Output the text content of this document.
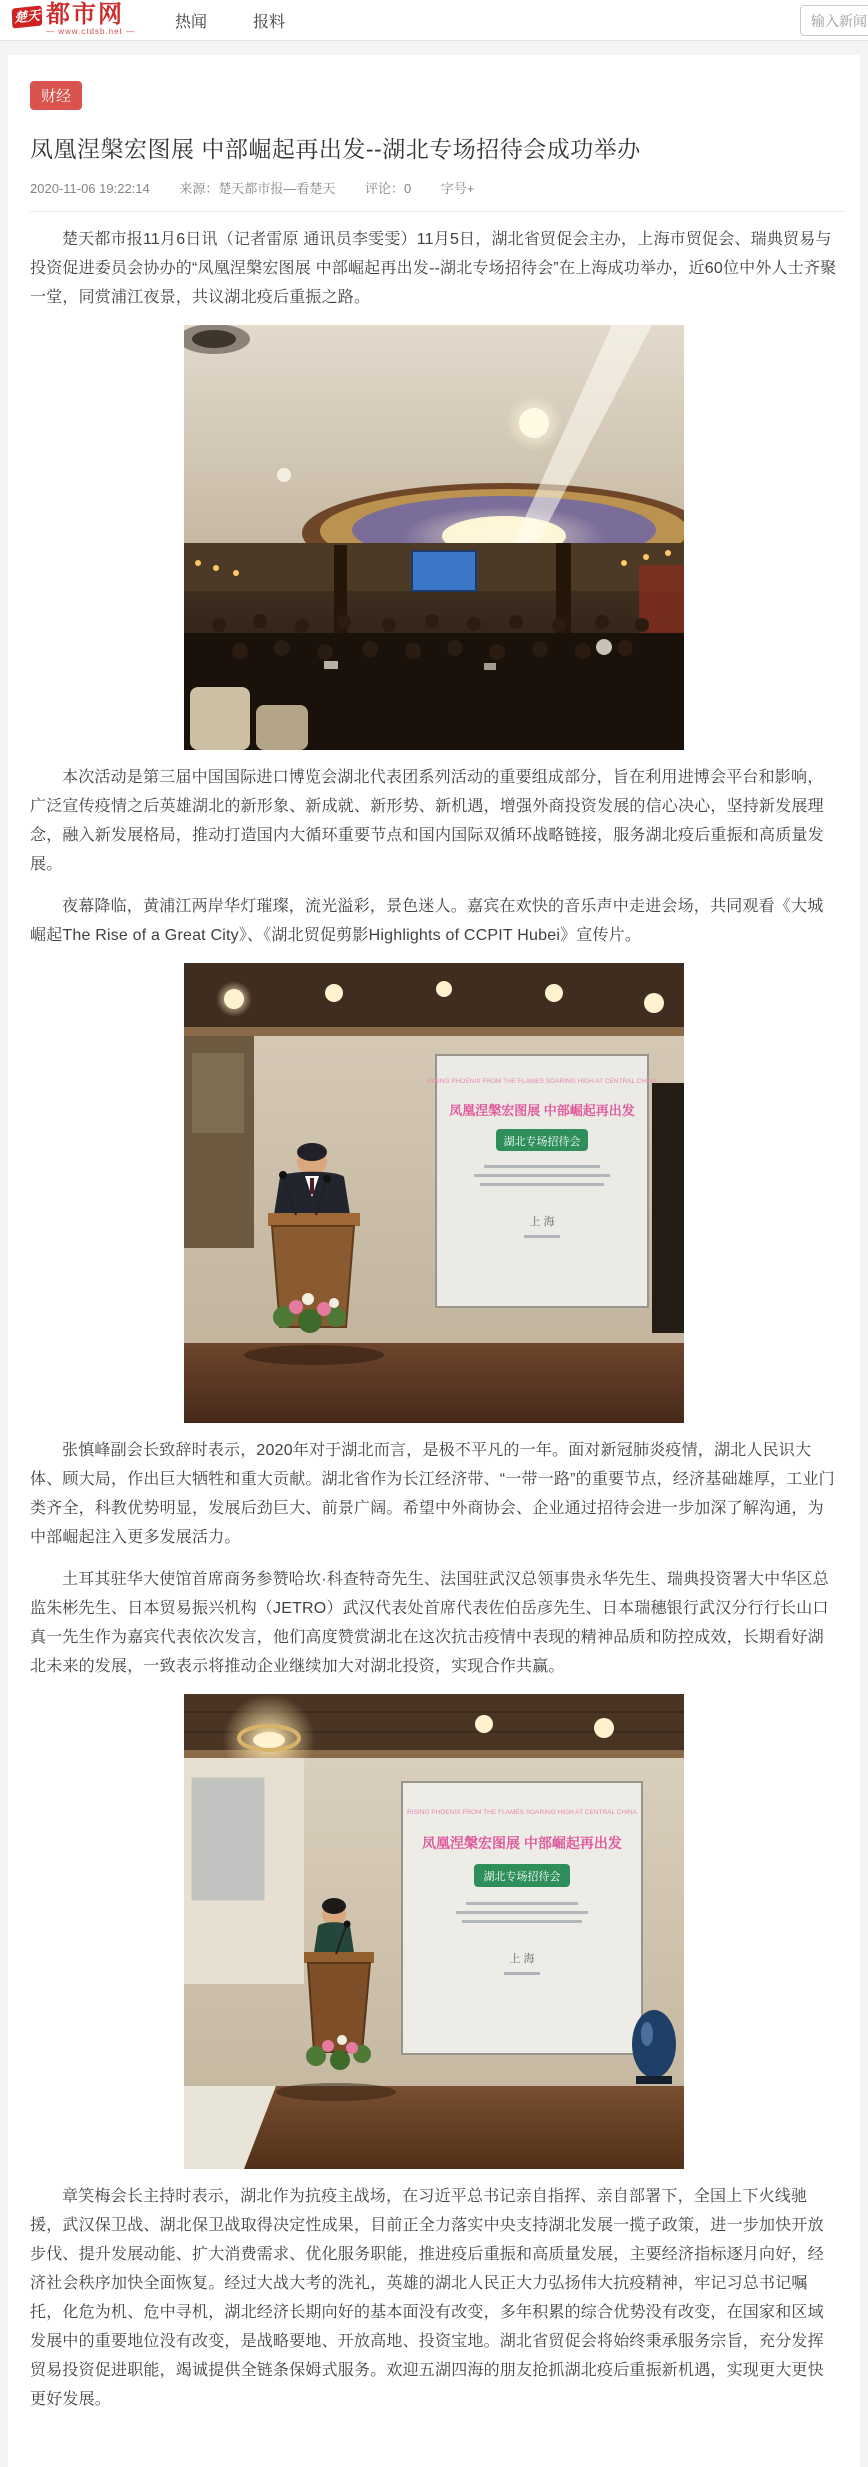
楚天 都市网
— www.ctdsb.net —
热闻	报料
输入新闻
财经
凤凰涅槃宏图展 中部崛起再出发--湖北专场招待会成功举办
2020-11-06 19:22:14 来源：楚天都市报—看楚天 评论：0 字号+

楚天都市报11月6日讯（记者雷原 通讯员李雯雯）11月5日，湖北省贸促会主办，上海市贸促会、瑞典贸易与投资促进委员会协办的“凤凰涅槃宏图展 中部崛起再出发--湖北专场招待会”在上海成功举办，近60位中外人士齐聚一堂，同赏浦江夜景，共议湖北疫后重振之路。

本次活动是第三届中国国际进口博览会湖北代表团系列活动的重要组成部分，旨在利用进博会平台和影响，广泛宣传疫情之后英雄湖北的新形象、新成就、新形势、新机遇，增强外商投资发展的信心决心，坚持新发展理念，融入新发展格局，推动打造国内大循环重要节点和国内国际双循环战略链接，服务湖北疫后重振和高质量发展。

夜幕降临，黄浦江两岸华灯璀璨，流光溢彩，景色迷人。嘉宾在欢快的音乐声中走进会场，共同观看《大城崛起The Rise of a Great City》、《湖北贸促剪影Highlights of CCPIT Hubei》宣传片。

RISING PHOENIX FROM THE FLAMES SOARING HIGH AT CENTRAL CHINA
凤凰涅槃宏图展 中部崛起再出发
湖北专场招待会
上 海

张慎峰副会长致辞时表示，2020年对于湖北而言，是极不平凡的一年。面对新冠肺炎疫情，湖北人民识大体、顾大局，作出巨大牺牲和重大贡献。湖北省作为长江经济带、“一带一路”的重要节点，经济基础雄厚，工业门类齐全，科教优势明显，发展后劲巨大、前景广阔。希望中外商协会、企业通过招待会进一步加深了解沟通，为中部崛起注入更多发展活力。

土耳其驻华大使馆首席商务参赞哈坎·科查特奇先生、法国驻武汉总领事贵永华先生、瑞典投资署大中华区总监朱彬先生、日本贸易振兴机构（JETRO）武汉代表处首席代表佐伯岳彦先生、日本瑞穗银行武汉分行行长山口真一先生作为嘉宾代表依次发言，他们高度赞赏湖北在这次抗击疫情中表现的精神品质和防控成效，长期看好湖北未来的发展，一致表示将推动企业继续加大对湖北投资，实现合作共赢。

RISING PHOENIX FROM THE FLAMES SOARING HIGH AT CENTRAL CHINA
凤凰涅槃宏图展 中部崛起再出发
湖北专场招待会
上 海

章笑梅会长主持时表示，湖北作为抗疫主战场，在习近平总书记亲自指挥、亲自部署下，全国上下火线驰援，武汉保卫战、湖北保卫战取得决定性成果，目前正全力落实中央支持湖北发展一揽子政策，进一步加快开放步伐、提升发展动能、扩大消费需求、优化服务职能，推进疫后重振和高质量发展，主要经济指标逐月向好，经济社会秩序加快全面恢复。经过大战大考的洗礼，英雄的湖北人民正大力弘扬伟大抗疫精神，牢记习总书记嘱托，化危为机、危中寻机，湖北经济长期向好的基本面没有改变，多年积累的综合优势没有改变，在国家和区域发展中的重要地位没有改变，是战略要地、开放高地、投资宝地。湖北省贸促会将始终秉承服务宗旨，充分发挥贸易投资促进职能，竭诚提供全链条保姆式服务。欢迎五湖四海的朋友抢抓湖北疫后重振新机遇，实现更大更快更好发展。
